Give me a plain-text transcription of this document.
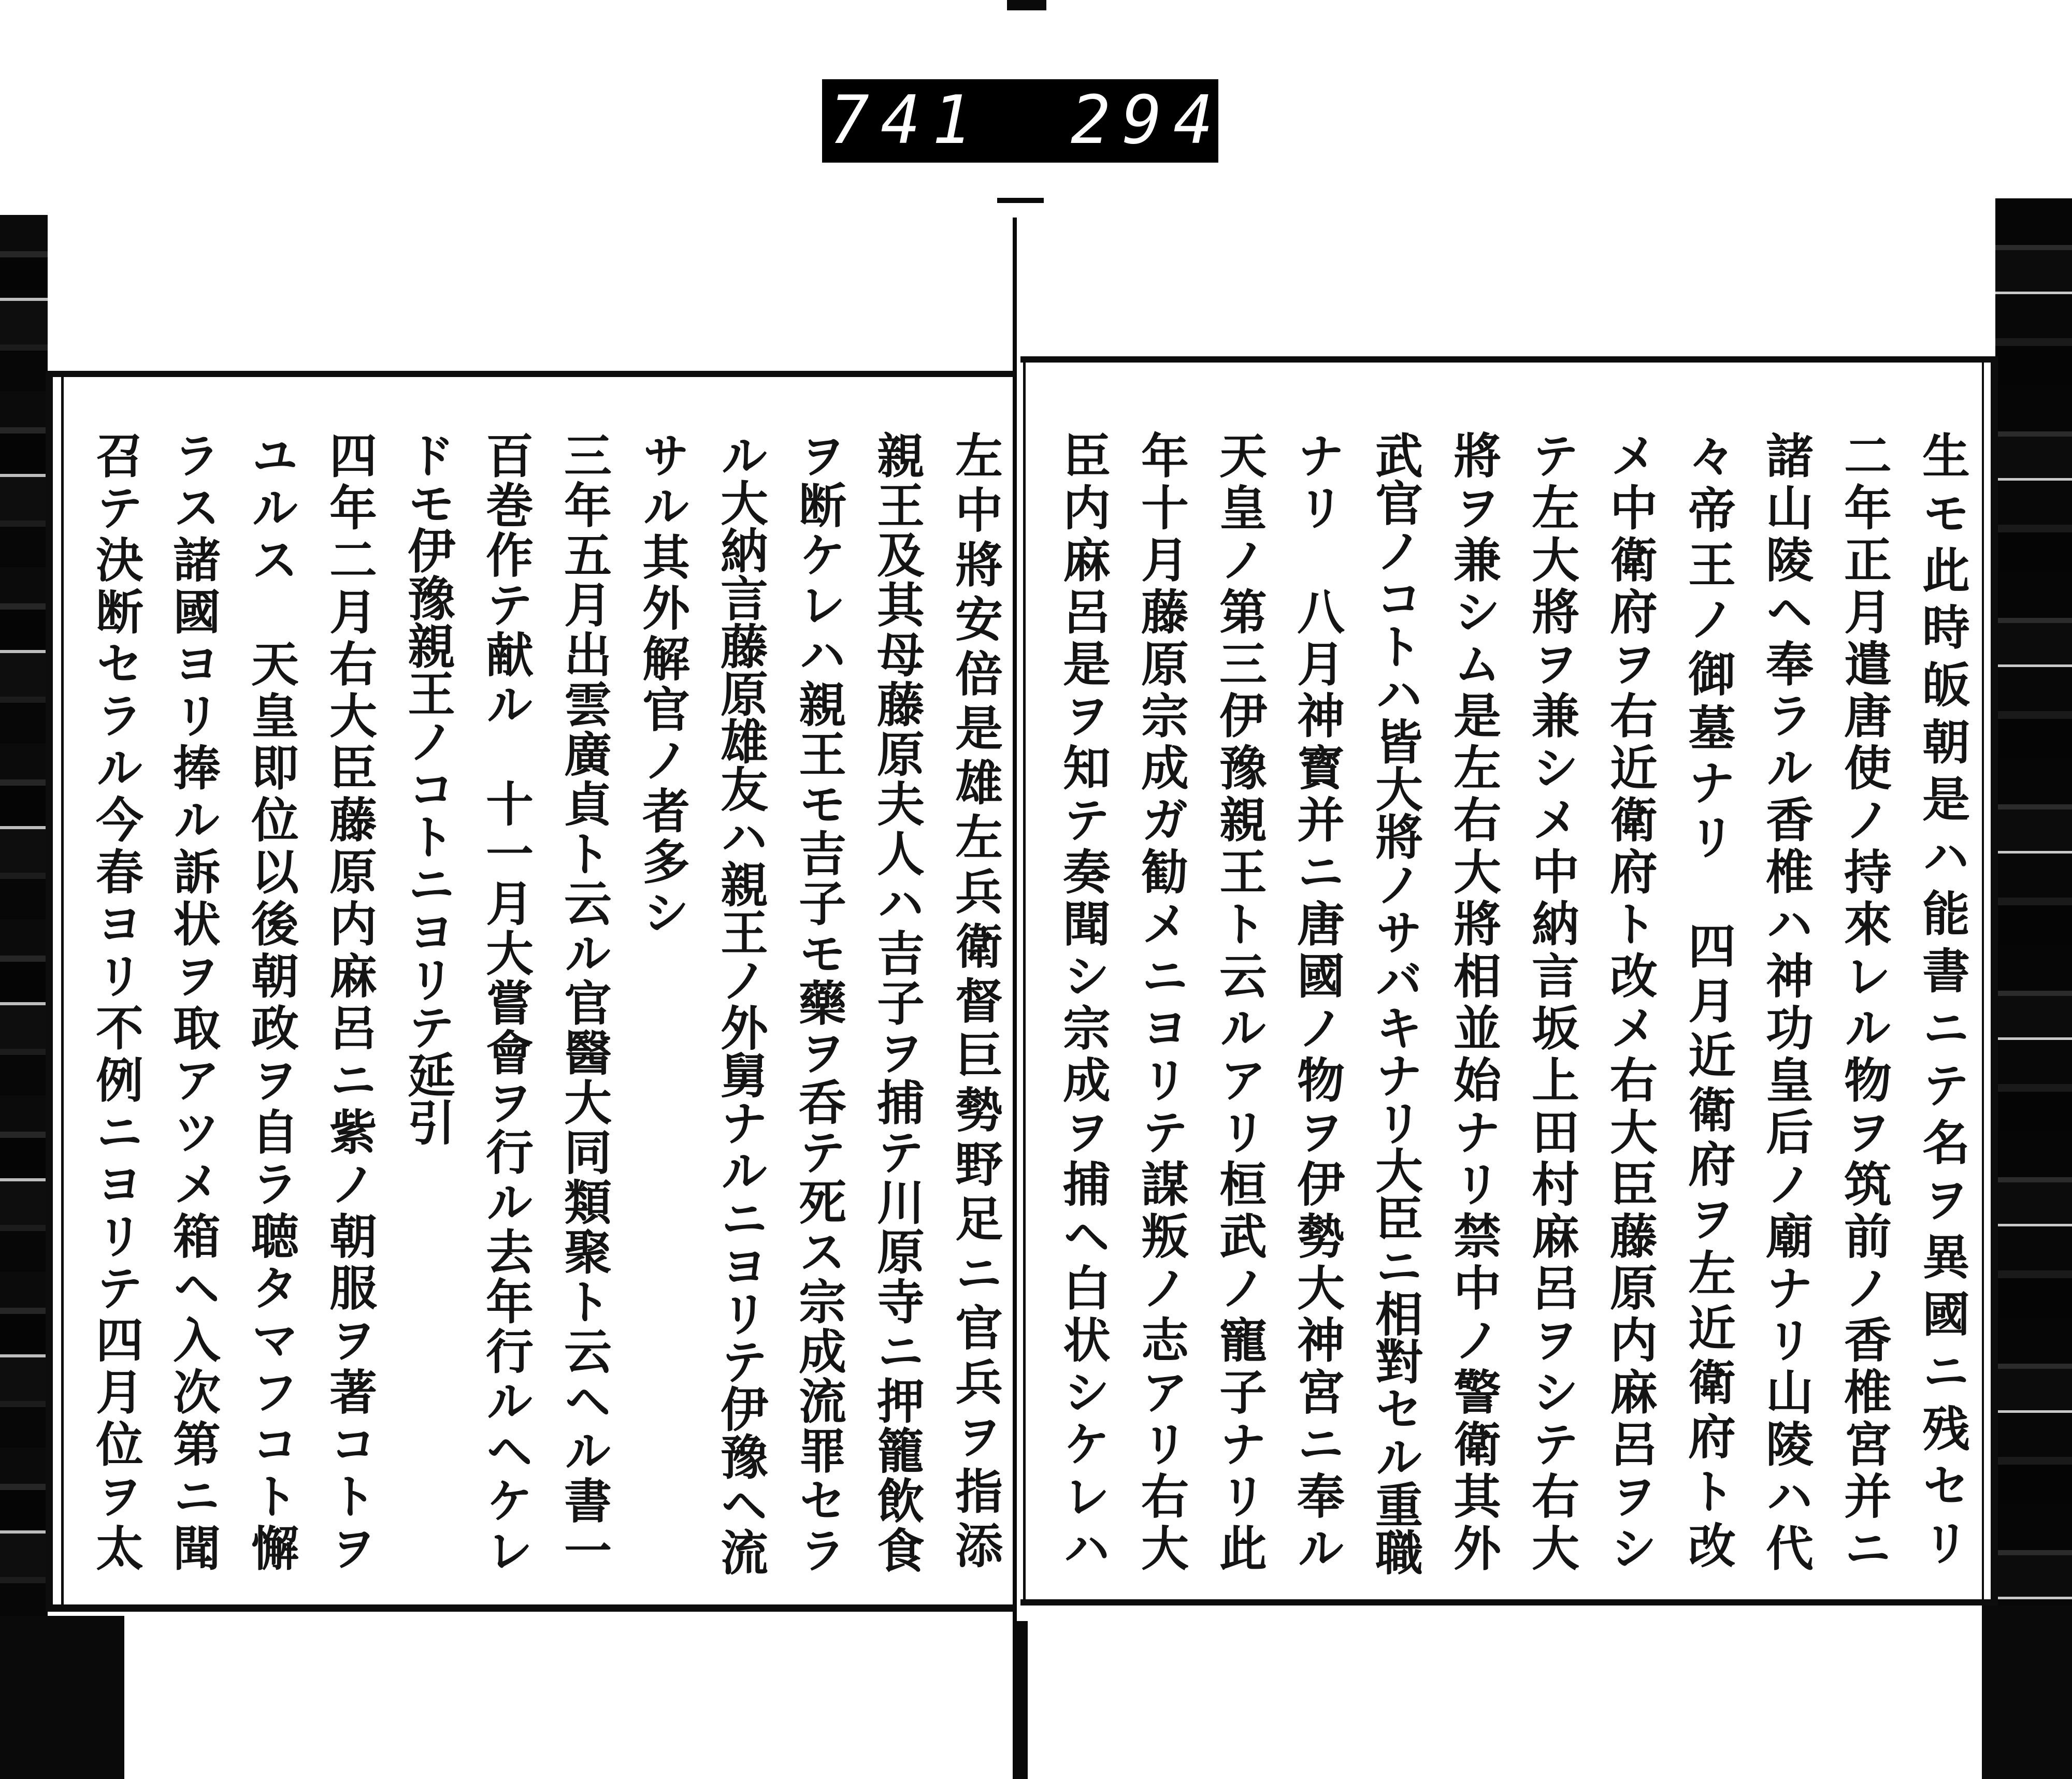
741 294.
生モ此時皈朝是ハ能書ニテ名ヲ異國ニ残セリ
二年正月遣唐使ノ持來レル物ヲ筑前ノ香椎宮并ニ
諸山陵ヘ奉ラル香椎ハ神功皇后ノ廟ナリ山陵ハ代
々帝王ノ御墓ナリ　四月近衛府ヲ左近衛府ト改
メ中衛府ヲ右近衛府ト改メ右大臣藤原内麻呂ヲシ
テ左大將ヲ兼シメ中納言坂上田村麻呂ヲシテ右大
將ヲ兼シム是左右大將相並始ナリ禁中ノ警衛其外
武官ノコトハ皆大將ノサバキナリ大臣ニ相對セル重職
ナリ　八月神寳并ニ唐國ノ物ヲ伊勢大神宮ニ奉ル
天皇ノ第三伊豫親王ト云ルアリ桓武ノ寵子ナリ此
年十月藤原宗成ガ勧メニヨリテ謀叛ノ志アリ右大
臣内麻呂是ヲ知テ奏聞シ宗成ヲ捕ヘ白状シケレハ
左中將安倍是雄左兵衛督巨勢野足ニ官兵ヲ指添
親王及其母藤原夫人ハ吉子ヲ捕テ川原寺ニ押籠飲食
ヲ断ケレハ親王モ吉子モ藥ヲ呑テ死ス宗成流罪セラ
ル大納言藤原雄友ハ親王ノ外舅ナルニヨリテ伊豫ヘ流
サル其外解官ノ者多シ
三年五月出雲廣貞ト云ル官醫大同類聚ト云ヘル書一
百巻作テ献ル　十一月大嘗會ヲ行ル去年行ルヘケレ
ドモ伊豫親王ノコトニヨリテ延引
四年二月右大臣藤原内麻呂ニ紫ノ朝服ヲ著コトヲ
ユルス　天皇即位以後朝政ヲ自ラ聴タマフコト懈
ラス諸國ヨリ捧ル訴状ヲ取アツメ箱ヘ入次第ニ聞
召テ決断セラル今春ヨリ不例ニヨリテ四月位ヲ太
